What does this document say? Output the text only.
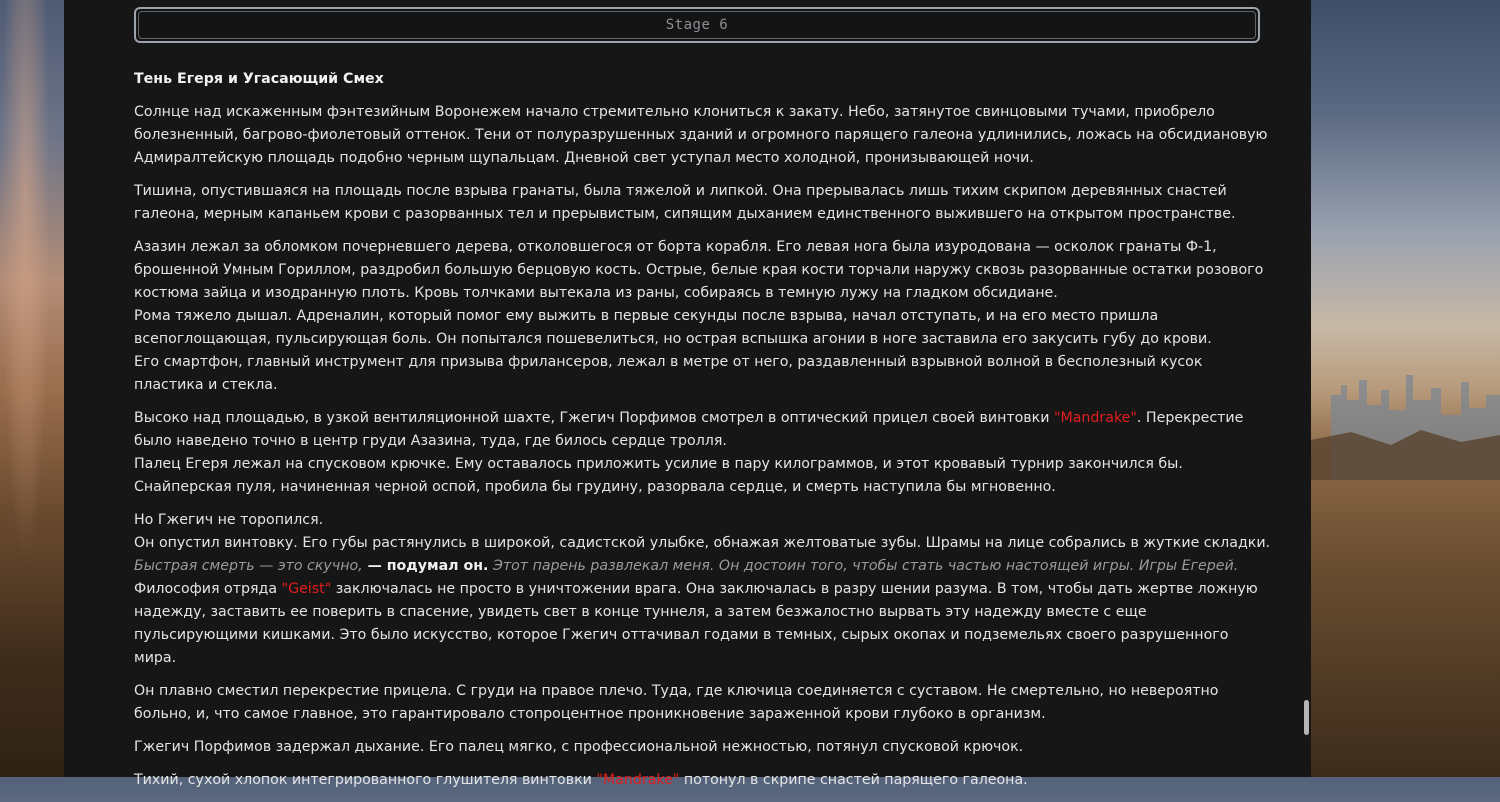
Stage 6
Тень Егеря и Угасающий Смех

Солнце над искаженным фэнтезийным Воронежем начало стремительно клониться к закату. Небо, затянутое свинцовыми тучами, приобрело болезненный, багрово-фиолетовый оттенок. Тени от полуразрушенных зданий и огромного парящего галеона удлинились, ложась на обсидиановую Адмиралтейскую площадь подобно черным щупальцам. Дневной свет уступал место холодной, пронизывающей ночи.

Тишина, опустившаяся на площадь после взрыва гранаты, была тяжелой и липкой. Она прерывалась лишь тихим скрипом деревянных снастей галеона, мерным капаньем крови с разорванных тел и прерывистым, сипящим дыханием единственного выжившего на открытом пространстве.

Азазин лежал за обломком почерневшего дерева, отколовшегося от борта корабля. Его левая нога была изуродована — осколок гранаты Ф-1, брошенной Умным Гориллом, раздробил большую берцовую кость. Острые, белые края кости торчали наружу сквозь разорванные остатки розового костюма зайца и изодранную плоть. Кровь толчками вытекала из раны, собираясь в темную лужу на гладком обсидиане.
Рома тяжело дышал. Адреналин, который помог ему выжить в первые секунды после взрыва, начал отступать, и на его место пришла всепоглощающая, пульсирующая боль. Он попытался пошевелиться, но острая вспышка агонии в ноге заставила его закусить губу до крови.
Его смартфон, главный инструмент для призыва фрилансеров, лежал в метре от него, раздавленный взрывной волной в бесполезный кусок пластика и стекла.

Высоко над площадью, в узкой вентиляционной шахте, Гжегич Порфимов смотрел в оптический прицел своей винтовки "Mandrake". Перекрестие было наведено точно в центр груди Азазина, туда, где билось сердце тролля.
Палец Егеря лежал на спусковом крючке. Ему оставалось приложить усилие в пару килограммов, и этот кровавый турнир закончился бы. Снайперская пуля, начиненная черной оспой, пробила бы грудину, разорвала сердце, и смерть наступила бы мгновенно.

Но Гжегич не торопился.
Он опустил винтовку. Его губы растянулись в широкой, садистской улыбке, обнажая желтоватые зубы. Шрамы на лице собрались в жуткие складки.
Быстрая смерть — это скучно, — подумал он. Этот парень развлекал меня. Он достоин того, чтобы стать частью настоящей игры. Игры Егерей.
Философия отряда "Geist" заключалась не просто в уничтожении врага. Она заключалась в разру шении разума. В том, чтобы дать жертве ложную надежду, заставить ее поверить в спасение, увидеть свет в конце туннеля, а затем безжалостно вырвать эту надежду вместе с еще пульсирующими кишками. Это было искусство, которое Гжегич оттачивал годами в темных, сырых окопах и подземельях своего разрушенного мира.

Он плавно сместил перекрестие прицела. С груди на правое плечо. Туда, где ключица соединяется с суставом. Не смертельно, но невероятно больно, и, что самое главное, это гарантировало стопроцентное проникновение зараженной крови глубоко в организм.

Гжегич Порфимов задержал дыхание. Его палец мягко, с профессиональной нежностью, потянул спусковой крючок.

Тихий, сухой хлопок интегрированного глушителя винтовки "Mandrake" потонул в скрипе снастей парящего галеона.
